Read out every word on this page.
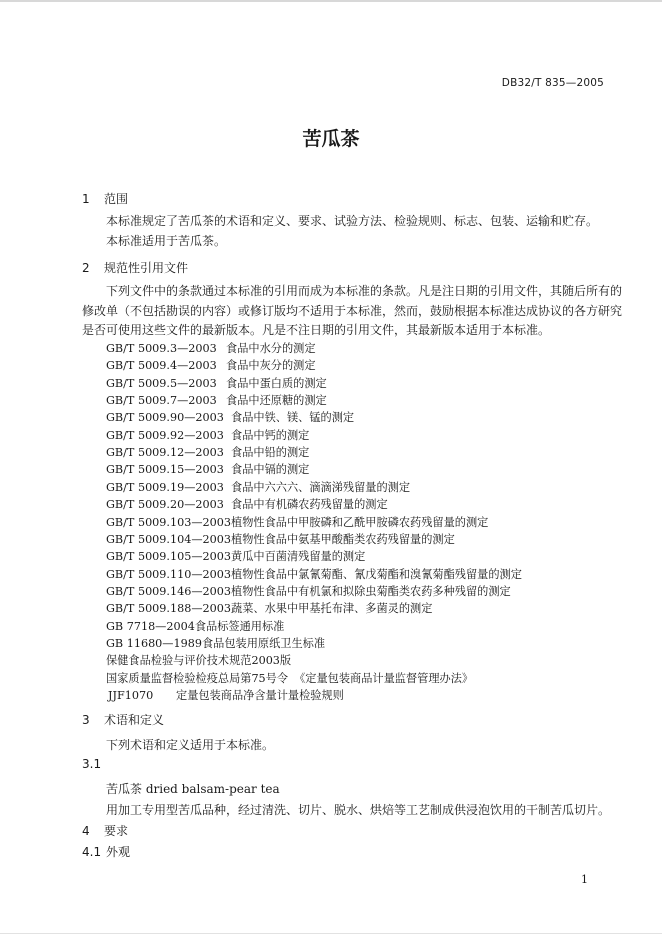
DB32/T 835—2005
苦瓜茶
1 范围
本标准规定了苦瓜茶的术语和定义、要求、试验方法、检验规则、标志、包装、运输和贮存。
本标准适用于苦瓜茶。
2 规范性引用文件
下列文件中的条款通过本标准的引用而成为本标准的条款。凡是注日期的引用文件，其随后所有的
修改单（不包括勘误的内容）或修订版均不适用于本标准，然而，鼓励根据本标准达成协议的各方研究
是否可使用这些文件的最新版本。凡是不注日期的引用文件，其最新版本适用于本标准。
GB/T 5009.3—2003 食品中水分的测定
GB/T 5009.4—2003 食品中灰分的测定
GB/T 5009.5—2003 食品中蛋白质的测定
GB/T 5009.7—2003 食品中还原糖的测定
GB/T 5009.90—2003 食品中铁、镁、锰的测定
GB/T 5009.92—2003 食品中钙的测定
GB/T 5009.12—2003 食品中铅的测定
GB/T 5009.15—2003 食品中镉的测定
GB/T 5009.19—2003 食品中六六六、滴滴涕残留量的测定
GB/T 5009.20—2003 食品中有机磷农药残留量的测定
GB/T 5009.103—2003植物性食品中甲胺磷和乙酰甲胺磷农药残留量的测定
GB/T 5009.104—2003植物性食品中氨基甲酸酯类农药残留量的测定
GB/T 5009.105—2003黄瓜中百菌清残留量的测定
GB/T 5009.110—2003植物性食品中氯氰菊酯、氰戊菊酯和溴氰菊酯残留量的测定
GB/T 5009.146—2003植物性食品中有机氯和拟除虫菊酯类农药多种残留的测定
GB/T 5009.188—2003蔬菜、水果中甲基托布津、多菌灵的测定
GB 7718—2004食品标签通用标准
GB 11680—1989食品包装用原纸卫生标准
保健食品检验与评价技术规范2003版
国家质量监督检验检疫总局第75号令 《定量包装商品计量监督管理办法》
JJF1070 定量包装商品净含量计量检验规则
3 术语和定义
下列术语和定义适用于本标准。
3.1
苦瓜茶 dried balsam-pear tea
用加工专用型苦瓜品种，经过清洗、切片、脱水、烘焙等工艺制成供浸泡饮用的干制苦瓜切片。
4 要求
4.1 外观
1
